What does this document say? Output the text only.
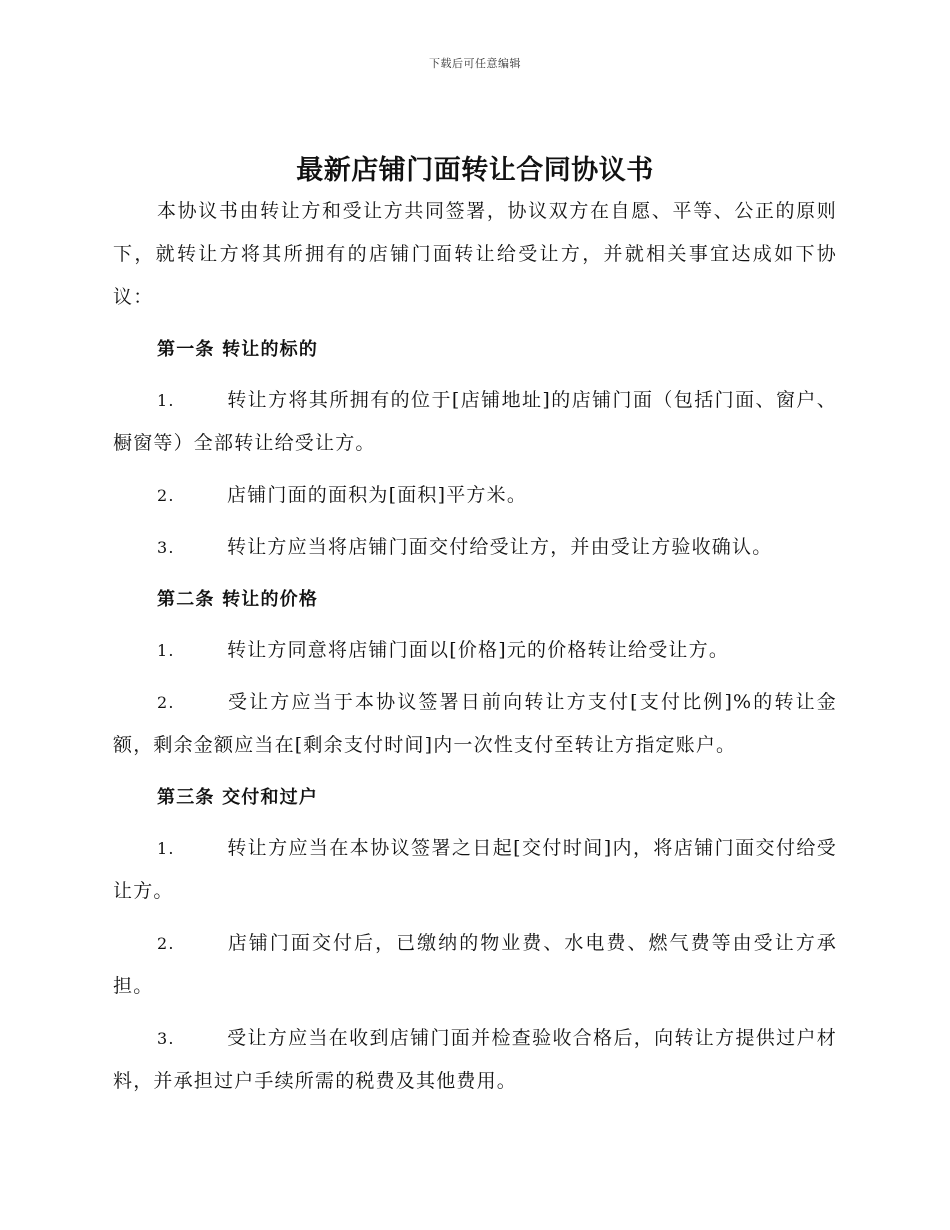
下载后可任意编辑
最新店铺门面转让合同协议书

本协议书由转让方和受让方共同签署，协议双方在自愿、平等、公正的原则下，就转让方将其所拥有的店铺门面转让给受让方，并就相关事宜达成如下协议：

第一条 转让的标的

1.	转让方将其所拥有的位于[店铺地址]的店铺门面（包括门面、窗户、橱窗等）全部转让给受让方。

2.	店铺门面的面积为[面积]平方米。

3.	转让方应当将店铺门面交付给受让方，并由受让方验收确认。

第二条 转让的价格

1.	转让方同意将店铺门面以[价格]元的价格转让给受让方。

2.	受让方应当于本协议签署日前向转让方支付[支付比例]%的转让金额，剩余金额应当在[剩余支付时间]内一次性支付至转让方指定账户。

第三条 交付和过户

1.	转让方应当在本协议签署之日起[交付时间]内，将店铺门面交付给受让方。

2.	店铺门面交付后，已缴纳的物业费、水电费、燃气费等由受让方承担。

3.	受让方应当在收到店铺门面并检查验收合格后，向转让方提供过户材料，并承担过户手续所需的税费及其他费用。
